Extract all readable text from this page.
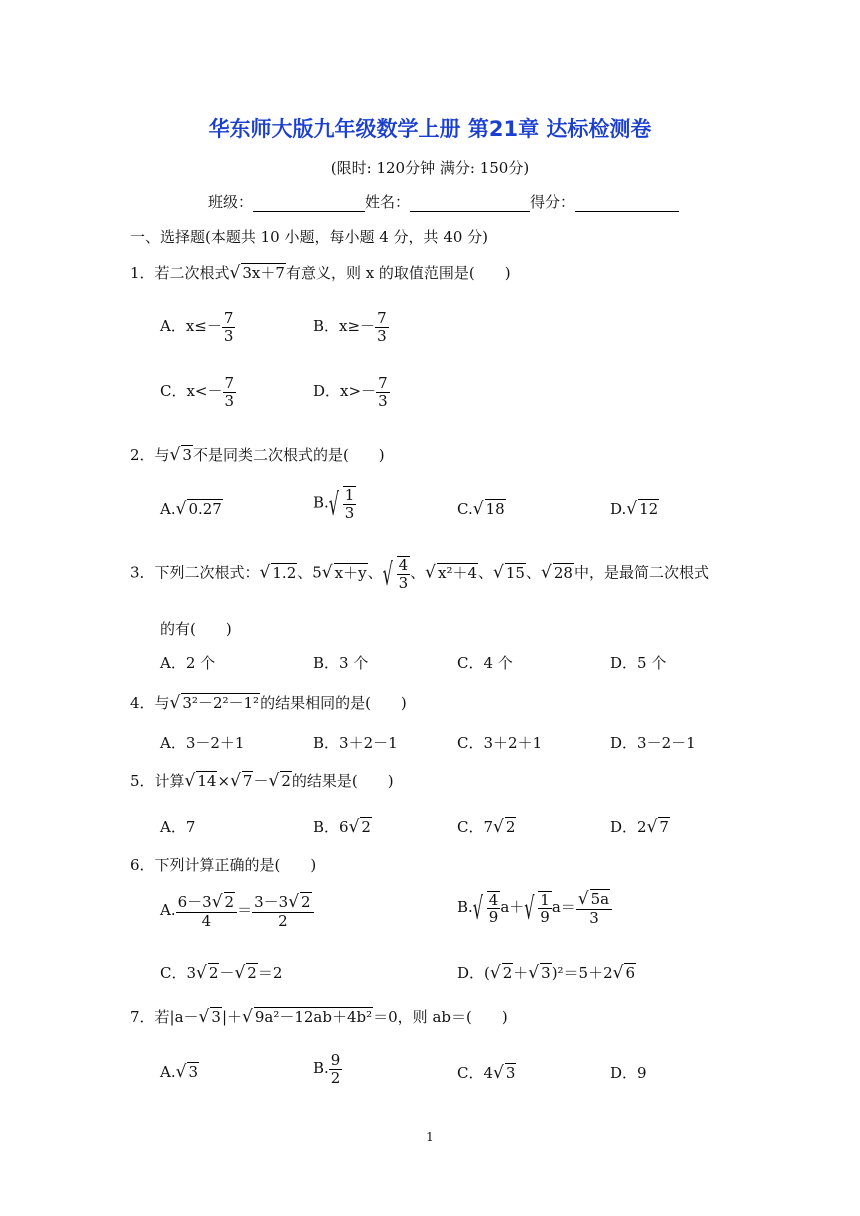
华东师大版九年级数学上册 第21章 达标检测卷
(限时: 120分钟 满分: 150分)
班级：	姓名：	得分：
一、选择题(本题共 10 小题，每小题 4 分，共 40 分)
1．若二次根式√ 3x＋7有意义，则 x 的取值范围是(　　)
A．$x\le- \frac{7}{3}$	B．$x\ge- \frac{7}{3}$
C．$x<- \frac{7}{3}$	D．$x>- \frac{7}{3}$
2．与√ 3不是同类二次根式的是(　　)
A.√ 0.27	B. √ $\frac{1}{3}$	C.√ 18	D.√ 12
3．下列二次根式：√ 1.2、5√ x＋y、 √ $\frac{4}{3}$ 、√ x²＋4、√ 15、√ 28中，是最简二次根式
的有(　　)
A．2 个	B．3 个	C．4 个	D．5 个
4．与√ 3²－2²－1²的结果相同的是(　　)
A．3－2＋1	B．3＋2－1	C．3＋2＋1	D．3－2－1
5．计算√ 14×√ 7－√ 2的结果是(　　)
A．7	B．6√ 2	C．7√ 2	D．2√ 7
6．下列计算正确的是(　　)
A. $\frac{6-3√ 2}{4} = \frac{3-3√ 2}{2}$	B. √ $\frac{4}{9} a+$ √ $\frac{1}{9} a= \frac{√ 5a}{3}$
C．3√ 2－√ 2＝2	D．(√ 2＋√ 3)²＝5＋2√ 6
7．若|a－√ 3|＋√ 9a²－12ab＋4b²＝0，则 ab＝(　　)
A.√ 3	B. $\frac{9}{2}$	C．4√ 3	D．9
1
